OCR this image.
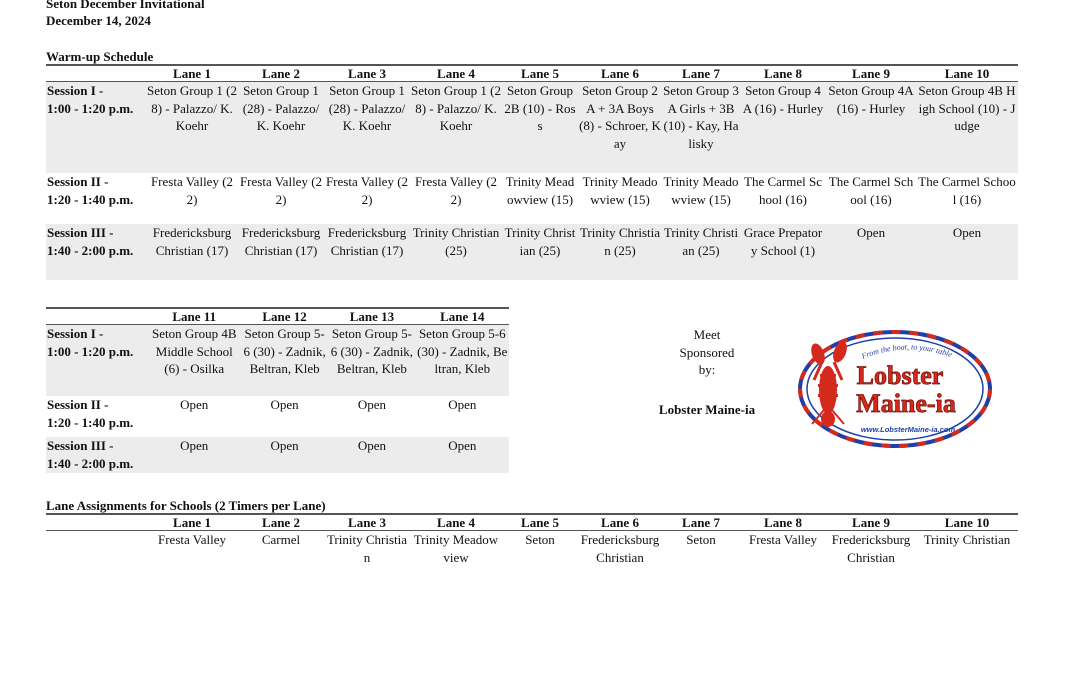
Seton December Invitational
December 14, 2024
Warm-up Schedule
	Lane 1	Lane 2	Lane 3	Lane 4	Lane 5	Lane 6	Lane 7	Lane 8	Lane 9	Lane 10
Session I -
1:00 - 1:20 p.m.	Seton Group 1 (28) - Palazzo/ K. Koehr	Seton Group 1 (28) - Palazzo/ K. Koehr	Seton Group 1 (28) - Palazzo/ K. Koehr	Seton Group 1 (28) - Palazzo/ K. Koehr	Seton Group 2B (10) - Ross	Seton Group 2A + 3A Boys (8) - Schroer, Kay	Seton Group 3A Girls + 3B (10) - Kay, Halisky	Seton Group 4A (16) - Hurley	Seton Group 4A (16) - Hurley	Seton Group 4B High School (10) - Judge
Session II -
1:20 - 1:40 p.m.	Fresta Valley (22)	Fresta Valley (22)	Fresta Valley (22)	Fresta Valley (22)	Trinity Meadowview (15)	Trinity Meadowview (15)	Trinity Meadowview (15)	The Carmel School (16)	The Carmel School (16)	The Carmel School (16)
Session III -
1:40 - 2:00 p.m.	Fredericksburg Christian (17)	Fredericksburg Christian (17)	Fredericksburg Christian (17)	Trinity Christian (25)	Trinity Christian (25)	Trinity Christian (25)	Trinity Christian (25)	Grace Prepatory School (1)	Open	Open
	Lane 11	Lane 12	Lane 13	Lane 14
Session I -
1:00 - 1:20 p.m.	Seton Group 4B Middle School (6) - Osilka	Seton Group 5-6 (30) - Zadnik, Beltran, Kleb	Seton Group 5-6 (30) - Zadnik, Beltran, Kleb	Seton Group 5-6 (30) - Zadnik, Beltran, Kleb
Session II -
1:20 - 1:40 p.m.	Open	Open	Open	Open
Session III -
1:40 - 2:00 p.m.	Open	Open	Open	Open
Meet
Sponsored
by:
Lobster Maine-ia
From the boat, to your table
Lobster
Maine-ia
www.LobsterMaine-ia.com
Lane Assignments for Schools (2 Timers per Lane)
	Lane 1	Lane 2	Lane 3	Lane 4	Lane 5	Lane 6	Lane 7	Lane 8	Lane 9	Lane 10
	Fresta Valley	Carmel	Trinity Christian	Trinity Meadowview	Seton	Fredericksburg Christian	Seton	Fresta Valley	Fredericksburg Christian	Trinity Christian
